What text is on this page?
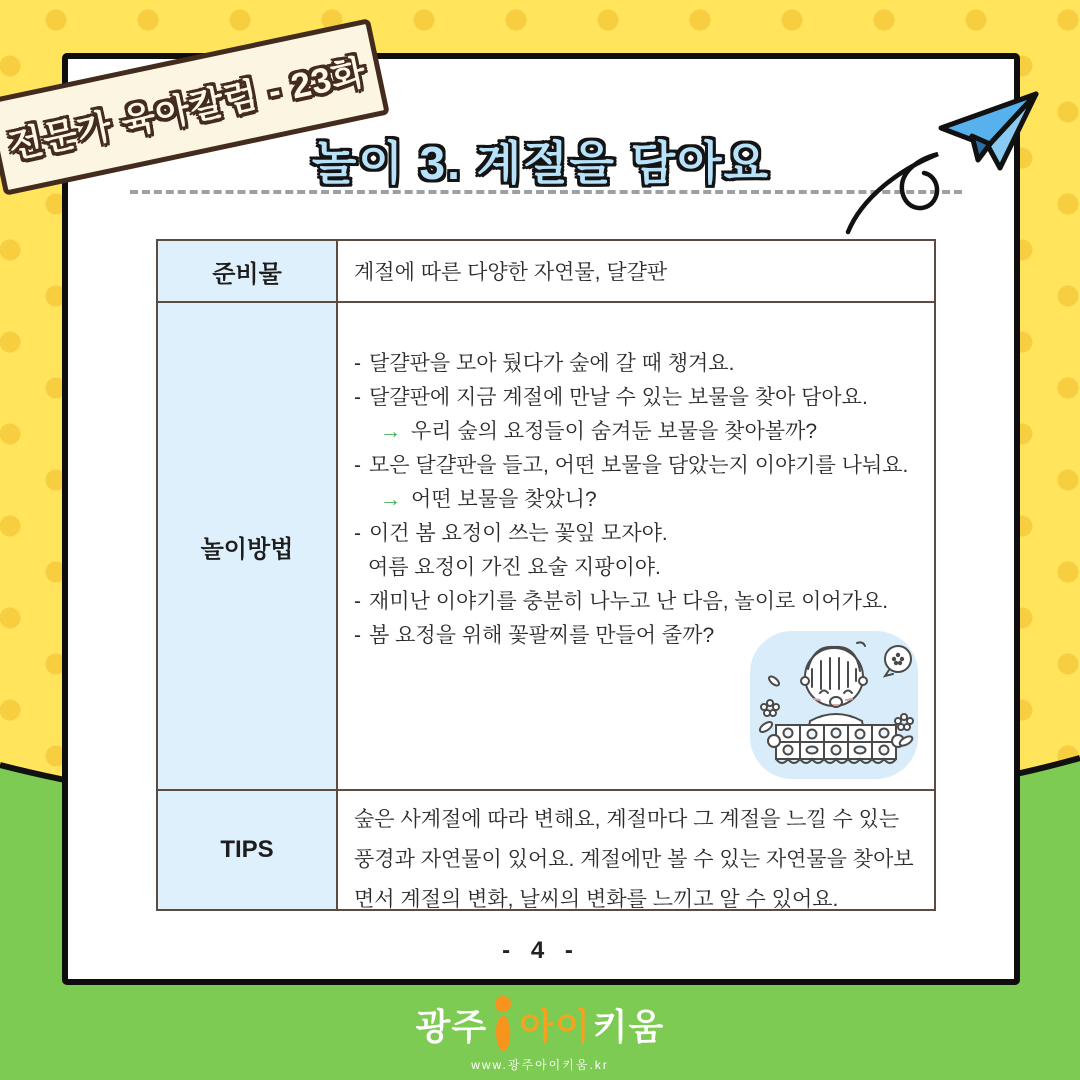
놀이 3. 계절을 담아요
준비물	계절에 따른 다양한 자연물, 달걀판
놀이방법
- 달걀판을 모아 뒀다가 숲에 갈 때 챙겨요.
- 달걀판에 지금 계절에 만날 수 있는 보물을 찾아 담아요.
→ 우리 숲의 요정들이 숨겨둔 보물을 찾아볼까?
- 모은 달걀판을 들고, 어떤 보물을 담았는지 이야기를 나눠요.
→ 어떤 보물을 찾았니?
- 이건 봄 요정이 쓰는 꽃잎 모자야.
여름 요정이 가진 요술 지팡이야.
- 재미난 이야기를 충분히 나누고 난 다음, 놀이로 이어가요.
- 봄 요정을 위해 꽃팔찌를 만들어 줄까?
TIPS
숲은 사계절에 따라 변해요, 계절마다 그 계절을 느낄 수 있는 풍경과 자연물이 있어요. 계절에만 볼 수 있는 자연물을 찾아보면서 계절의 변화, 날씨의 변화를 느끼고 알 수 있어요.
- 4 -
전문가 육아칼럼 - 23화
광주 아이 키움
www.광주아이키움.kr
